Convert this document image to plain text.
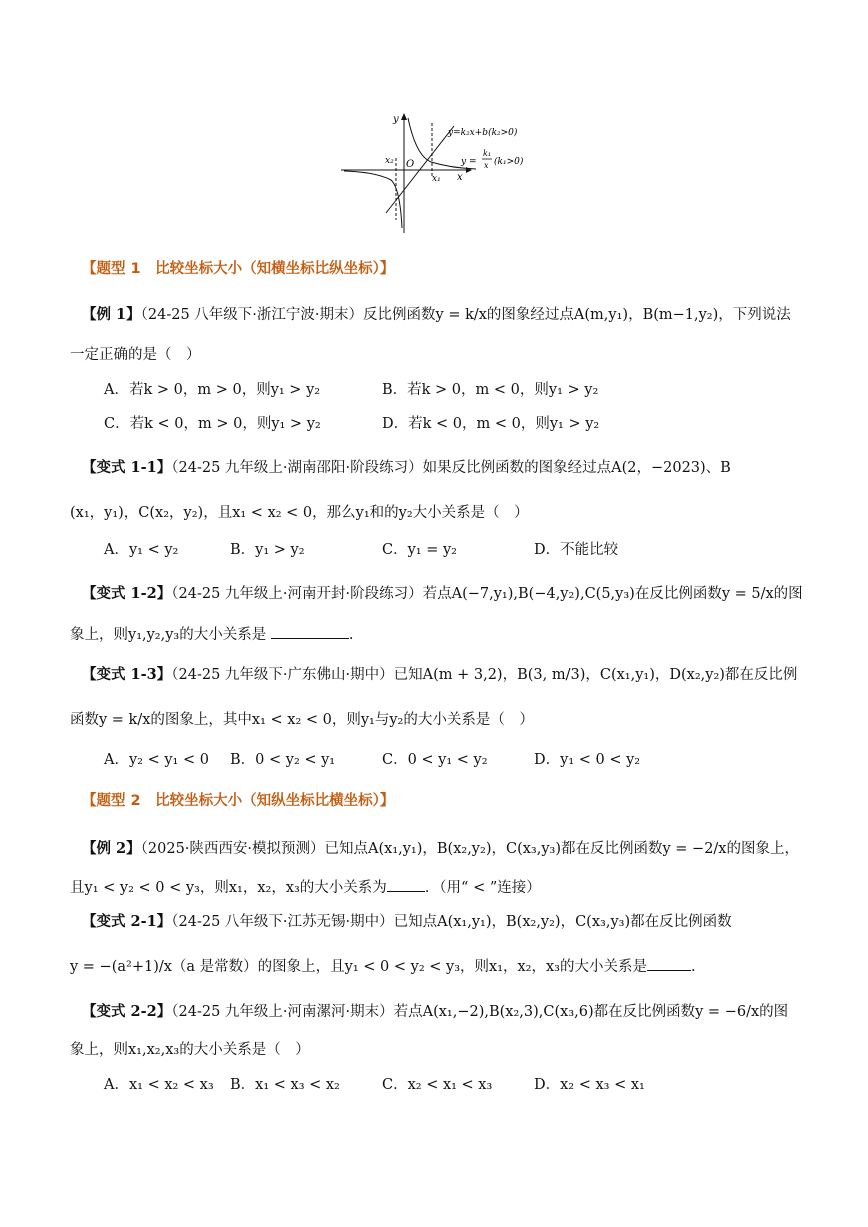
y
x
O
x₁
x₂
y=k₂x+b(k₂>0)
y =
k₁
x (k₁>0)
【题型 1　比较坐标大小（知横坐标比纵坐标）】
【例 1】（24-25 八年级下·浙江宁波·期末）反比例函数y = k/x的图象经过点A(m,y₁)，B(m−1,y₂)，下列说法
一定正确的是（　）
A．若k > 0，m > 0，则y₁ > y₂	B．若k > 0，m < 0，则y₁ > y₂
C．若k < 0，m > 0，则y₁ > y₂	D．若k < 0，m < 0，则y₁ > y₂
【变式 1-1】（24-25 九年级上·湖南邵阳·阶段练习）如果反比例函数的图象经过点A(2，−2023)、B
(x₁，y₁)，C(x₂，y₂)，且x₁ < x₂ < 0，那么y₁和的y₂大小关系是（　）
A．y₁ < y₂	B．y₁ > y₂	C．y₁ = y₂	D．不能比较
【变式 1-2】（24-25 九年级上·河南开封·阶段练习）若点A(−7,y₁),B(−4,y₂),C(5,y₃)在反比例函数y = 5/x的图
象上，则y₁,y₂,y₃的大小关系是	.
【变式 1-3】（24-25 九年级下·广东佛山·期中）已知A(m + 3,2)，B(3, m/3)，C(x₁,y₁)，D(x₂,y₂)都在反比例
函数y = k/x的图象上，其中x₁ < x₂ < 0，则y₁与y₂的大小关系是（　）
A．y₂ < y₁ < 0 B．0 < y₂ < y₁	C．0 < y₁ < y₂	D．y₁ < 0 < y₂
【题型 2　比较坐标大小（知纵坐标比横坐标）】
【例 2】（2025·陕西西安·模拟预测）已知点A(x₁,y₁)，B(x₂,y₂)，C(x₃,y₃)都在反比例函数y = −2/x的图象上，
且y₁ < y₂ < 0 < y₃，则x₁，x₂，x₃的大小关系为	．（用“ < ”连接）
【变式 2-1】（24-25 八年级下·江苏无锡·期中）已知点A(x₁,y₁)，B(x₂,y₂)，C(x₃,y₃)都在反比例函数
y = −(a²+1)/x（a 是常数）的图象上，且y₁ < 0 < y₂ < y₃，则x₁，x₂，x₃的大小关系是	.
【变式 2-2】（24-25 九年级上·河南漯河·期末）若点A(x₁,−2),B(x₂,3),C(x₃,6)都在反比例函数y = −6/x的图
象上，则x₁,x₂,x₃的大小关系是（　）
A．x₁ < x₂ < x₃ B．x₁ < x₃ < x₂	C．x₂ < x₁ < x₃	D．x₂ < x₃ < x₁
